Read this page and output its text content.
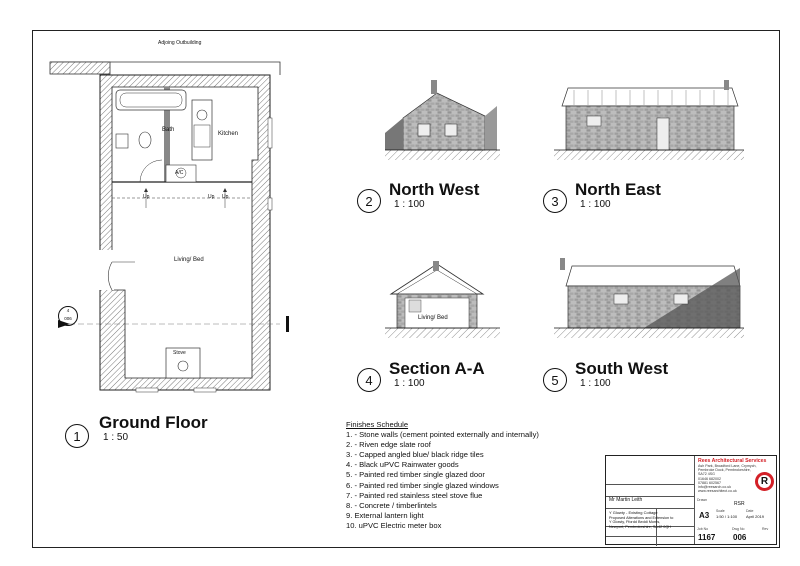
Adjoing Outbuilding
Bath
Kitchen
Living/ Bed
Stove
A/C
Up	Up
Up
4
006	Living/ Bed
1
Ground Floor
1 : 50
2
North West
1 : 100	3
North East
1 : 100
4
Section A-A
1 : 100	5
South West
1 : 100
Finishes Schedule
1. - Stone walls (cement pointed externally and internally)
2. - Riven edge slate roof
3. - Capped angled blue/ black ridge tiles
4. - Black uPVC Rainwater goods
5. - Painted red timber single glazed door
6. - Painted red timber single glazed windows
7. - Painted red stainless steel stove flue
8. - Concrete / timberlintels
9. External lantern light
10. uPVC Electric meter box
Mr Martin Leith
Y Glowty - Existing Cottage
Proposed Alterations and Extension to
Y Glowty, Ffordd Beddi Morris,
Newport, Pembrokeshire, SA42 0QH
Rees Architectural Services
Ash Park, Broadford Lane, Crymych,
Pembroke Dock, Pembrokeshire,
SA72 4SG
01646 682002
07881 602567
info@reesarch.co.uk
www.reesarchitect.co.uk
R
Drawn
RSR
A3 Scale
1:50 / 1:100
Date
April 2019
Job No
1167
Dwg No
006
Rev
